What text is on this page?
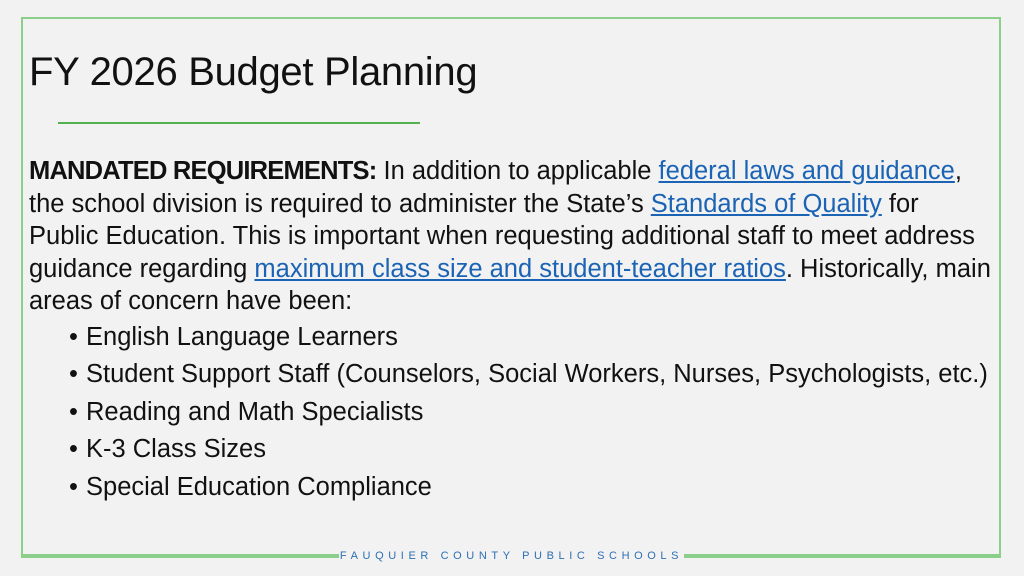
FY 2026 Budget Planning

MANDATED REQUIREMENTS: In addition to applicable federal laws and guidance, the school division is required to administer the State’s Standards of Quality for Public Education. This is important when requesting additional staff to meet address guidance regarding maximum class size and student-teacher ratios. Historically, main areas of concern have been:

• English Language Learners
• Student Support Staff (Counselors, Social Workers, Nurses, Psychologists, etc.)
• Reading and Math Specialists
• K-3 Class Sizes
• Special Education Compliance
FAUQUIER COUNTY PUBLIC SCHOOLS
